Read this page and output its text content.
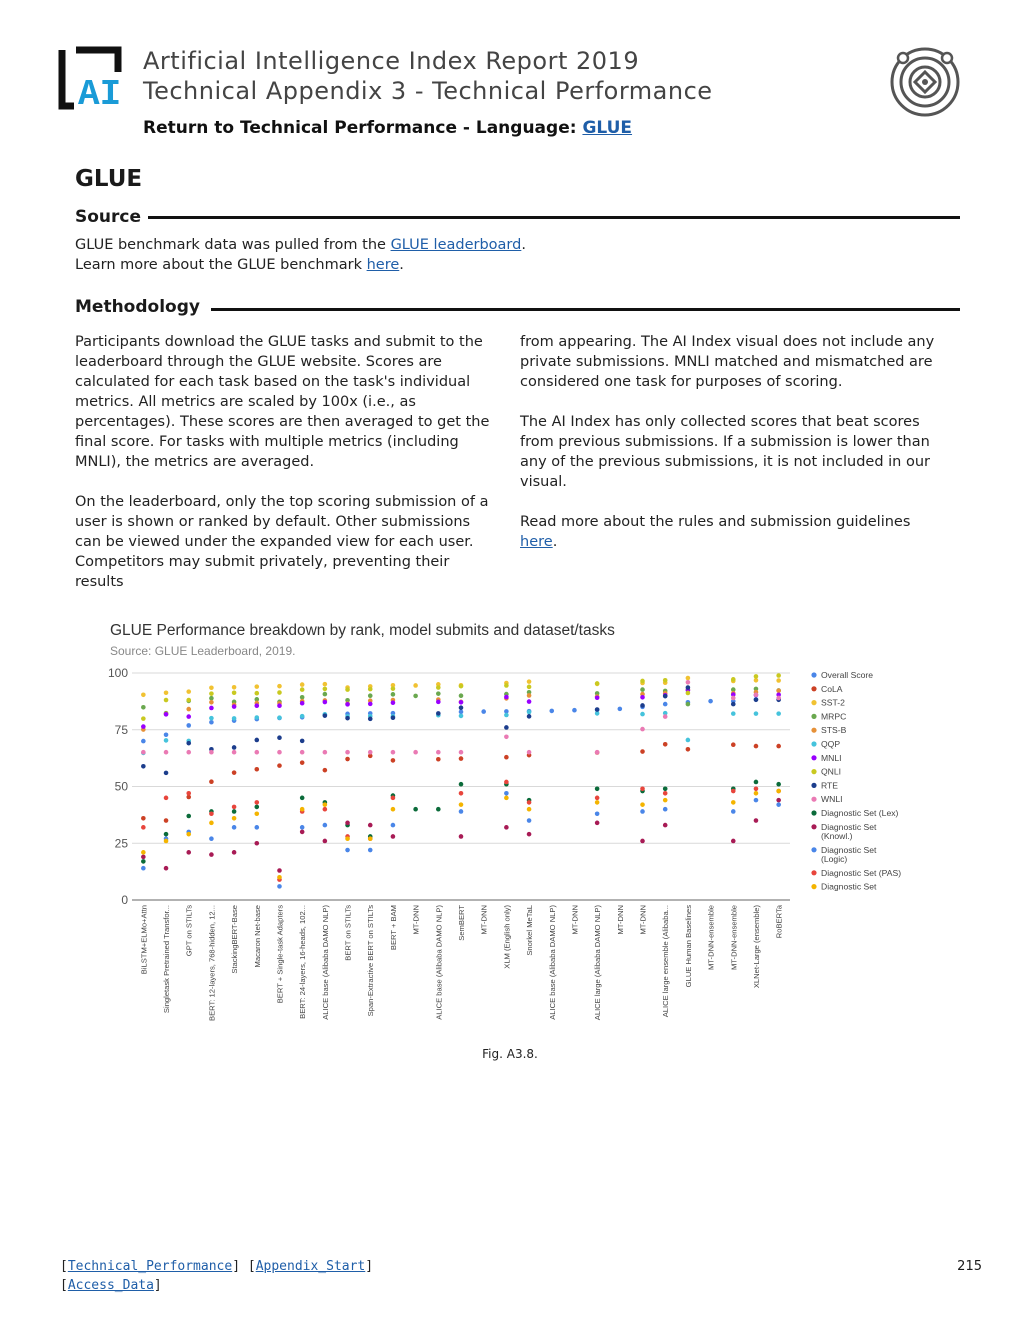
AI
Artificial Intelligence Index Report 2019
Technical Appendix 3 - Technical Performance
Return to Technical Performance - Language: GLUE
GLUE
Source

GLUE benchmark data was pulled from the GLUE leaderboard.

Learn more about the GLUE benchmark here.

Methodology

Participants download the GLUE tasks and submit to the leaderboard through the GLUE website. Scores are calculated for each task based on the task's individual metrics. All metrics are scaled by 100x (i.e., as percentages). These scores are then averaged to get the final score. For tasks with multiple metrics (including MNLI), the metrics are averaged.

On the leaderboard, only the top scoring submission of a user is shown or ranked by default. Other submissions can be viewed under the expanded view for each user. Competitors may submit privately, preventing their results

from appearing. The AI Index visual does not include any private submissions. MNLI matched and mismatched are considered one task for purposes of scoring.

The AI Index has only collected scores that beat scores from previous submissions. If a submission is lower than any of the previous submissions, it is not included in our visual.

Read more about the rules and submission guidelines here.

GLUE Performance breakdown by rank, model submits and dataset/tasks
Source: GLUE Leaderboard, 2019.
0
25
50
75
100
BiLSTM+ELMo+Attn Singletask Pretrained Transfor... GPT on STILTs BERT: 12-layers, 768-hidden, 12... StackingBERT-Base Macaron Net-base BERT + Single-task Adapters BERT: 24-layers, 16-heads, 102... ALICE base (Alibaba DAMO NLP) BERT on STILTs Span-Extractive BERT on STILTs BERT + BAM MT-DNN ALICE base (Alibaba DAMO NLP) SemBERT MT-DNN XLM (English only) Snorkel MeTaL ALICE base (Alibaba DAMO NLP) MT-DNN ALICE large (Alibaba DAMO NLP) MT-DNN MT-DNN ALICE large ensemble (Alibaba... GLUE Human Baselines MT-DNN-ensemble MT-DNN-ensemble XLNet-Large (ensemble) RoBERTa
Overall Score
CoLA
SST-2
MRPC
STS-B
QQP
MNLI
QNLI
RTE
WNLI
Diagnostic Set (Lex)
Diagnostic Set (Knowl.)
Diagnostic Set (Logic)
Diagnostic Set (PAS)
Diagnostic Set
Fig. A3.8.
[Technical_Performance] [Appendix_Start]
[Access_Data]
215
